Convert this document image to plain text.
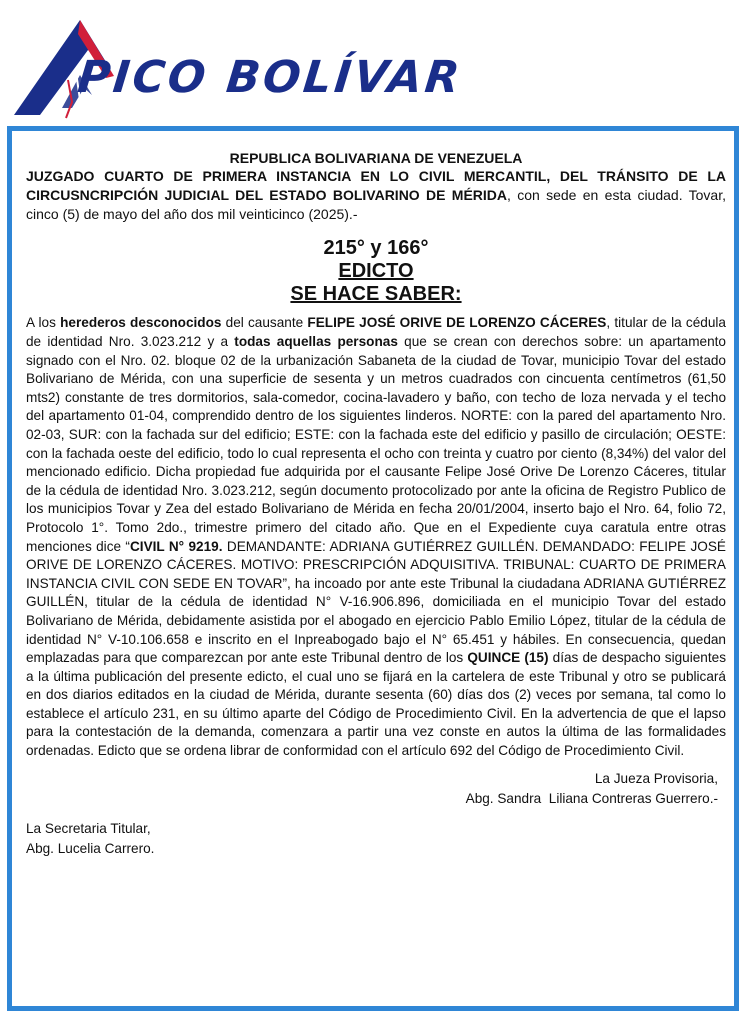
PICO BOLÍVAR
REPUBLICA BOLIVARIANA DE VENEZUELA

JUZGADO CUARTO DE PRIMERA INSTANCIA EN LO CIVIL MERCANTIL, DEL TRÁNSITO DE LA CIRCUSNCRIPCIÓN JUDICIAL DEL ESTADO BOLIVARINO DE MÉRIDA, con sede en esta ciudad. Tovar, cinco (5) de mayo del año dos mil veinticinco (2025).-

215° y 166°
EDICTO
SE HACE SABER:

A los herederos desconocidos del causante FELIPE JOSÉ ORIVE DE LORENZO CÁCERES, titular de la cédula de identidad Nro. 3.023.212 y a todas aquellas personas que se crean con derechos sobre: un apartamento signado con el Nro. 02. bloque 02 de la urbanización Sabaneta de la ciudad de Tovar, municipio Tovar del estado Bolivariano de Mérida, con una superficie de sesenta y un metros cuadrados con cincuenta centímetros (61,50 mts2) constante de tres dormitorios, sala-comedor, cocina-lavadero y baño, con techo de loza nervada y el techo del apartamento 01-04, comprendido dentro de los siguientes linderos. NORTE: con la pared del apartamento Nro. 02-03, SUR: con la fachada sur del edificio; ESTE: con la fachada este del edificio y pasillo de circulación; OESTE: con la fachada oeste del edificio, todo lo cual representa el ocho con treinta y cuatro por ciento (8,34%) del valor del mencionado edificio. Dicha propiedad fue adquirida por el causante Felipe José Orive De Lorenzo Cáceres, titular de la cédula de identidad Nro. 3.023.212, según documento protocolizado por ante la oficina de Registro Publico de los municipios Tovar y Zea del estado Bolivariano de Mérida en fecha 20/01/2004, inserto bajo el Nro. 64, folio 72, Protocolo 1°. Tomo 2do., trimestre primero del citado año. Que en el Expediente cuya caratula entre otras menciones dice “CIVIL N° 9219. DEMANDANTE: ADRIANA GUTIÉRREZ GUILLÉN. DEMANDADO: FELIPE JOSÉ ORIVE DE LORENZO CÁCERES. MOTIVO: PRESCRIPCIÓN ADQUISITIVA. TRIBUNAL: CUARTO DE PRIMERA INSTANCIA CIVIL CON SEDE EN TOVAR”, ha incoado por ante este Tribunal la ciudadana ADRIANA GUTIÉRREZ GUILLÉN, titular de la cédula de identidad N° V-16.906.896, domiciliada en el municipio Tovar del estado Bolivariano de Mérida, debidamente asistida por el abogado en ejercicio Pablo Emilio López, titular de la cédula de identidad N° V-10.106.658 e inscrito en el Inpreabogado bajo el N° 65.451 y hábiles. En consecuencia, quedan emplazadas para que comparezcan por ante este Tribunal dentro de los QUINCE (15) días de despacho siguientes a la última publicación del presente edicto, el cual uno se fijará en la cartelera de este Tribunal y otro se publicará en dos diarios editados en la ciudad de Mérida, durante sesenta (60) días dos (2) veces por semana, tal como lo establece el artículo 231, en su último aparte del Código de Procedimiento Civil. En la advertencia de que el lapso para la contestación de la demanda, comenzara a partir una vez conste en autos la última de las formalidades ordenadas. Edicto que se ordena librar de conformidad con el artículo 692 del Código de Procedimiento Civil.

La Jueza Provisoria,
Abg. Sandra  Liliana Contreras Guerrero.-
La Secretaria Titular,
Abg. Lucelia Carrero.
